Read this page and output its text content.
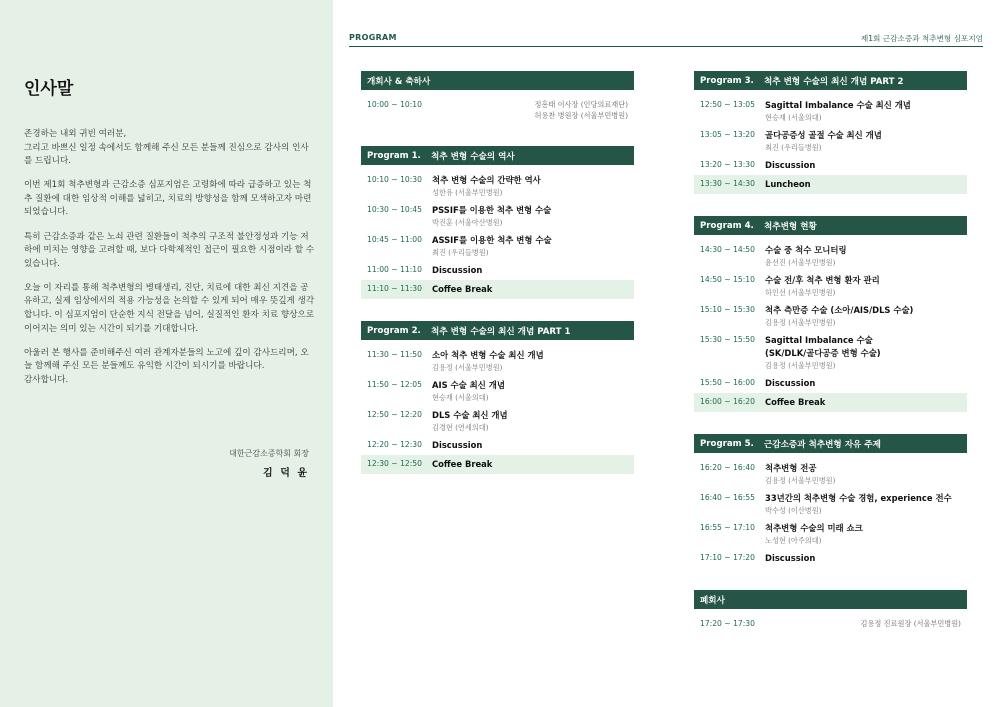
인사말

존경하는 내외 귀빈 여러분,
그리고 바쁘신 일정 속에서도 함께해 주신 모든 분들께 진심으로 감사의 인사를 드립니다.

이번 제1회 척추변형과 근감소증 심포지엄은 고령화에 따라 급증하고 있는 척추 질환에 대한 임상적 이해를 넓히고, 치료의 방향성을 함께 모색하고자 마련되었습니다.

특히 근감소증과 같은 노쇠 관련 질환들이 척추의 구조적 불안정성과 기능 저하에 미치는 영향을 고려할 때, 보다 다학제적인 접근이 필요한 시점이라 할 수 있습니다.

오늘 이 자리를 통해 척추변형의 병태생리, 진단, 치료에 대한 최신 지견을 공유하고, 실제 임상에서의 적용 가능성을 논의할 수 있게 되어 매우 뜻깊게 생각합니다. 이 심포지엄이 단순한 지식 전달을 넘어, 실질적인 환자 치료 향상으로 이어지는 의미 있는 시간이 되기를 기대합니다.

아울러 본 행사를 준비해주신 여러 관계자분들의 노고에 깊이 감사드리며, 오늘 함께해 주신 모든 분들께도 유익한 시간이 되시기를 바랍니다.
감사합니다.

대한근감소증학회 회장
김 덕 윤
PROGRAM	제1회 근감소증과 척추변형 심포지엄
개회사 & 축하사
10:00 ~ 10:10	정흥태 이사장 (인당의료재단)
허용찬 병원장 (서울부민병원)
Program 1.	척추 변형 수술의 역사
10:10 ~ 10:30	척추 변형 수술의 간략한 역사
성한유 (서울부민병원)
10:30 ~ 10:45	PSSIF를 이용한 척추 변형 수술
박진훈 (서울아산병원)
10:45 ~ 11:00	ASSIF를 이용한 척추 변형 수술
최진 (우리들병원)
11:00 ~ 11:10	Discussion
11:10 ~ 11:30	Coffee Break
Program 2.	척추 변형 수술의 최신 개념 PART 1
11:30 ~ 11:50	소아 척추 변형 수술 최신 개념
김용정 (서울부민병원)
11:50 ~ 12:05	AIS 수술 최신 개념
현승재 (서울의대)
12:50 ~ 12:20	DLS 수술 최신 개념
김경현 (연세의대)
12:20 ~ 12:30	Discussion
12:30 ~ 12:50	Coffee Break
Program 3.	척추 변형 수술의 최신 개념 PART 2
12:50 ~ 13:05	Sagittal Imbalance 수술 최신 개념
현승재 (서울의대)
13:05 ~ 13:20	골다공증성 골절 수술 최신 개념
최진 (우리들병원)
13:20 ~ 13:30	Discussion
13:30 ~ 14:30	Luncheon
Program 4.	척추변형 현황
14:30 ~ 14:50	수술 중 척수 모니터링
윤선진 (서울부민병원)
14:50 ~ 15:10	수술 전/후 척추 변형 환자 관리
하인선 (서울부민병원)
15:10 ~ 15:30	척추 측만증 수술 (소아/AIS/DLS 수술)
김용정 (서울부민병원)
15:30 ~ 15:50	Sagittal Imbalance 수술
(SK/DLK/골다공증 변형 수술)
김용정 (서울부민병원)
15:50 ~ 16:00	Discussion
16:00 ~ 16:20	Coffee Break
Program 5.	근감소증과 척추변형 자유 주제
16:20 ~ 16:40	척추변형 전공
김용정 (서울부민병원)
16:40 ~ 16:55	33년간의 척추변형 수술 경험, experience 전수
박수성 (이산병원)
16:55 ~ 17:10	척추변형 수술의 미래 쇼크
노성현 (아주의대)
17:10 ~ 17:20	Discussion
폐회사
17:20 ~ 17:30	김용정 진료원장 (서울부민병원)
